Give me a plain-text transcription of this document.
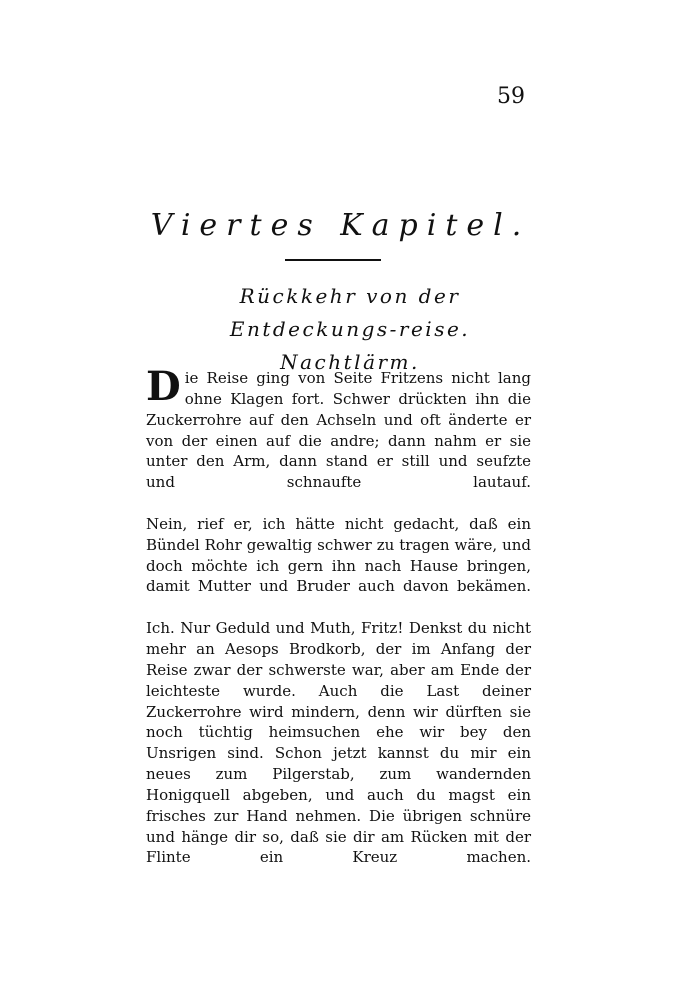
59
Viertes Kapitel.
Rückkehr von der Entdeckungs-reise. Nachtlärm.

Die Reise ging von Seite Fritzens nicht lang ohne Klagen fort. Schwer drückten ihn die Zuckerrohre auf den Achseln und oft änderte er von der einen auf die andre; dann nahm er sie unter den Arm, dann stand er still und seufzte und schnaufte lautauf.

Nein, rief er, ich hätte nicht gedacht, daß ein Bündel Rohr gewaltig schwer zu tragen wäre, und doch möchte ich gern ihn nach Hause bringen, damit Mutter und Bruder auch davon bekämen.

Ich. Nur Geduld und Muth, Fritz! Denkst du nicht mehr an Aesops Brodkorb, der im Anfang der Reise zwar der schwerste war, aber am Ende der leichteste wurde. Auch die Last deiner Zuckerrohre wird mindern, denn wir dürften sie noch tüchtig heimsuchen ehe wir bey den Unsrigen sind. Schon jetzt kannst du mir ein neues zum Pilgerstab, zum wandernden Honigquell abgeben, und auch du magst ein frisches zur Hand nehmen. Die übrigen schnüre und hänge dir so, daß sie dir am Rücken mit der Flinte ein Kreuz machen.
